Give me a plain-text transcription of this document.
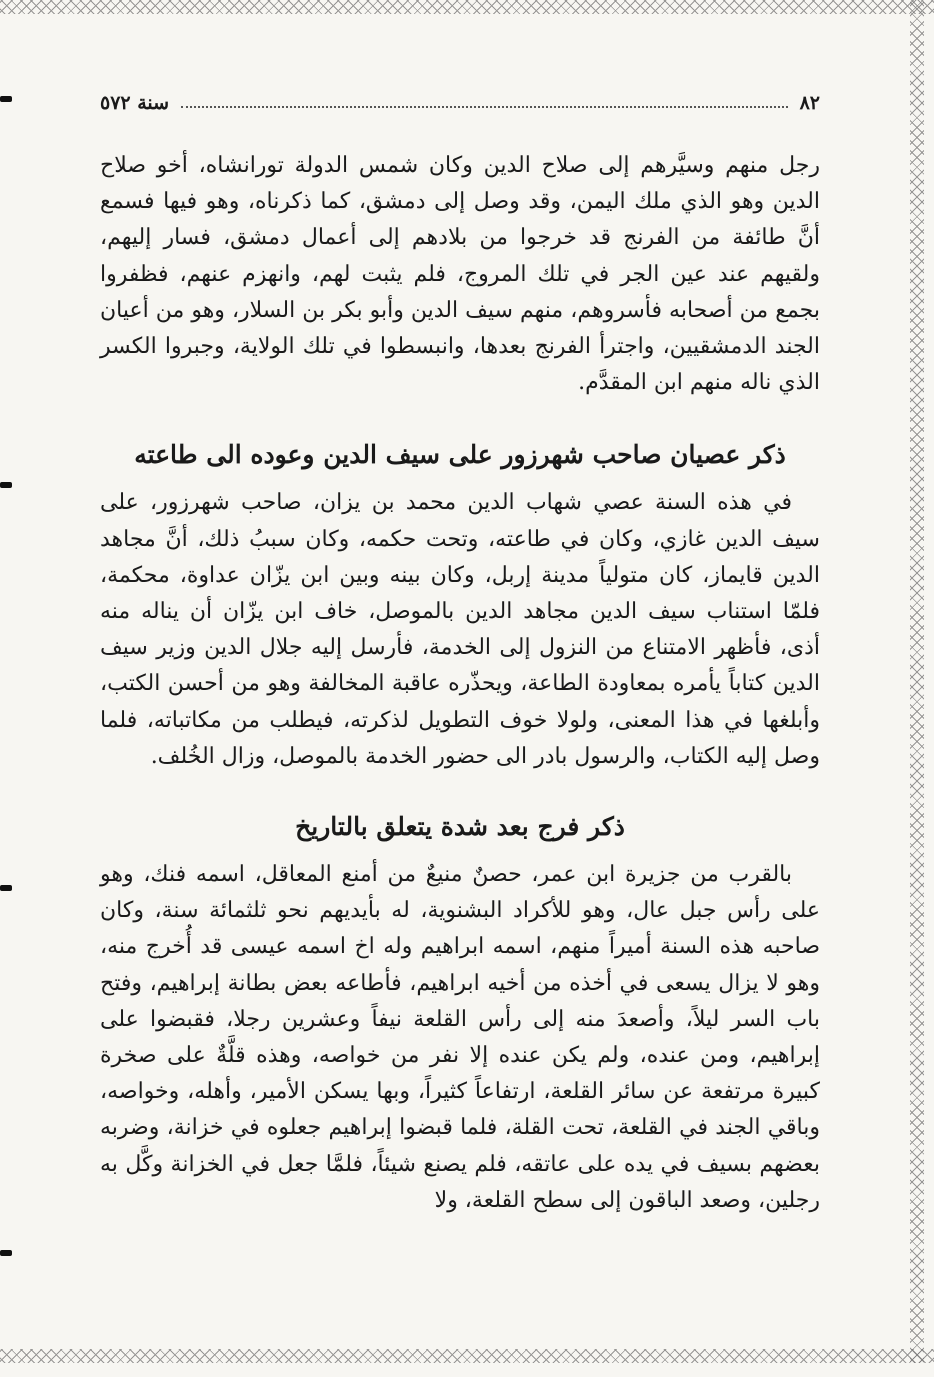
٨٢
سنة ٥٧٢

رجل منهم وسيَّرهم إلى صلاح الدين وكان شمس الدولة تورانشاه، أخو صلاح الدين وهو الذي ملك اليمن، وقد وصل إلى دمشق، كما ذكرناه، وهو فيها فسمع أنَّ طائفة من الفرنج قد خرجوا من بلادهم إلى أعمال دمشق، فسار إليهم، ولقيهم عند عين الجر في تلك المروج، فلم يثبت لهم، وانهزم عنهم، فظفروا بجمع من أصحابه فأسروهم، منهم سيف الدين وأبو بكر بن السلار، وهو من أعيان الجند الدمشقيين، واجترأ الفرنج بعدها، وانبسطوا في تلك الولاية، وجبروا الكسر الذي ناله منهم ابن المقدَّم.

ذكر عصيان صاحب شهرزور على سيف الدين وعوده الى طاعته

في هذه السنة عصي شهاب الدين محمد بن يزان، صاحب شهرزور، على سيف الدين غازي، وكان في طاعته، وتحت حكمه، وكان سببُ ذلك، أنَّ مجاهد الدين قايماز، كان متولياً مدينة إربل، وكان بينه وبين ابن يزّان عداوة، محكمة، فلمّا استناب سيف الدين مجاهد الدين بالموصل، خاف ابن يزّان أن يناله منه أذى، فأظهر الامتناع من النزول إلى الخدمة، فأرسل إليه جلال الدين وزير سيف الدين كتاباً يأمره بمعاودة الطاعة، ويحذّره عاقبة المخالفة وهو من أحسن الكتب، وأبلغها في هذا المعنى، ولولا خوف التطويل لذكرته، فيطلب من مكاتباته، فلما وصل إليه الكتاب، والرسول بادر الى حضور الخدمة بالموصل، وزال الخُلف.

ذكر فرج بعد شدة يتعلق بالتاريخ

بالقرب من جزيرة ابن عمر، حصنٌ منيعٌ من أمنع المعاقل، اسمه فنك، وهو على رأس جبل عال، وهو للأكراد البشنوية، له بأيديهم نحو ثلثمائة سنة، وكان صاحبه هذه السنة أميراً منهم، اسمه ابراهيم وله اخ اسمه عيسى قد أُخرج منه، وهو لا يزال يسعى في أخذه من أخيه ابراهيم، فأطاعه بعض بطانة إبراهيم، وفتح باب السر ليلاً، وأصعدَ منه إلى رأس القلعة نيفاً وعشرين رجلا، فقبضوا على إبراهيم، ومن عنده، ولم يكن عنده إلا نفر من خواصه، وهذه قلَّةٌ على صخرة كبيرة مرتفعة عن سائر القلعة، ارتفاعاً كثيراً، وبها يسكن الأمير، وأهله، وخواصه، وباقي الجند في القلعة، تحت القلة، فلما قبضوا إبراهيم جعلوه في خزانة، وضربه بعضهم بسيف في يده على عاتقه، فلم يصنع شيئاً، فلمَّا جعل في الخزانة وكَّل به رجلين، وصعد الباقون إلى سطح القلعة، ولا
